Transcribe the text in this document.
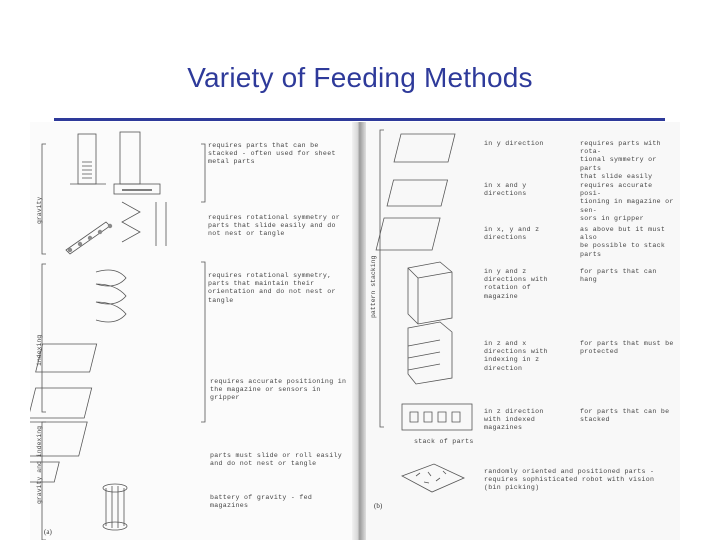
Variety of Feeding Methods
gravity
indexing
gravity and indexing
requires parts that can be
stacked - often used for sheet
metal parts
requires rotational symmetry or
parts that slide easily and do
not nest or tangle
requires rotational symmetry,
parts that maintain their
orientation and do not nest or
tangle
requires accurate positioning in
the magazine or sensors in gripper
parts must slide or roll easily
and do not nest or tangle
battery of gravity - fed
magazines
(a)
pattern stacking
in y direction	requires parts with rota-
tional symmetry or parts
that slide easily
in x and y
directions
requires accurate posi-
tioning in magazine or sen-
sors in gripper
in x, y and z
directions
as above but it must also
be possible to stack parts
in y and z
directions with
rotation of
magazine
for parts that can hang
in z and x
directions with
indexing in z
direction
for parts that must be
protected
in z direction
with indexed
magazines
for parts that can be
stacked
stack of parts
randomly oriented and positioned parts -
requires sophisticated robot with vision
(bin picking)
(b)
